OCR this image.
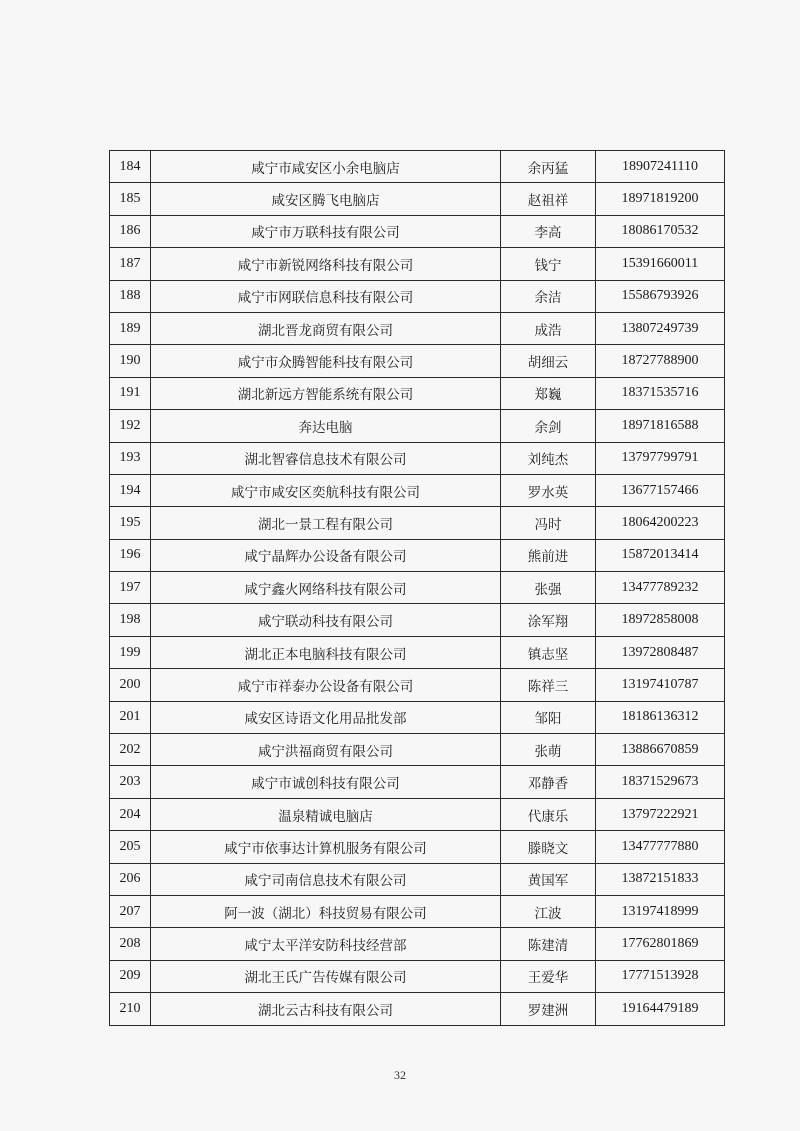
184	咸宁市咸安区小余电脑店	余丙猛	18907241110
185	咸安区腾飞电脑店	赵祖祥	18971819200
186	咸宁市万联科技有限公司	李高	18086170532
187	咸宁市新锐网络科技有限公司	钱宁	15391660011
188	咸宁市网联信息科技有限公司	余洁	15586793926
189	湖北晋龙商贸有限公司	成浩	13807249739
190	咸宁市众腾智能科技有限公司	胡细云	18727788900
191	湖北新远方智能系统有限公司	郑巍	18371535716
192	奔达电脑	余剑	18971816588
193	湖北智睿信息技术有限公司	刘纯杰	13797799791
194	咸宁市咸安区奕航科技有限公司	罗水英	13677157466
195	湖北一景工程有限公司	冯时	18064200223
196	咸宁晶辉办公设备有限公司	熊前进	15872013414
197	咸宁鑫火网络科技有限公司	张强	13477789232
198	咸宁联动科技有限公司	涂军翔	18972858008
199	湖北正本电脑科技有限公司	镇志坚	13972808487
200	咸宁市祥泰办公设备有限公司	陈祥三	13197410787
201	咸安区诗语文化用品批发部	邹阳	18186136312
202	咸宁洪福商贸有限公司	张萌	13886670859
203	咸宁市诚创科技有限公司	邓静香	18371529673
204	温泉精诚电脑店	代康乐	13797222921
205	咸宁市依事达计算机服务有限公司	滕晓文	13477777880
206	咸宁司南信息技术有限公司	黄国军	13872151833
207	阿一波（湖北）科技贸易有限公司	江波	13197418999
208	咸宁太平洋安防科技经营部	陈建清	17762801869
209	湖北王氏广告传媒有限公司	王爱华	17771513928
210	湖北云古科技有限公司	罗建洲	19164479189
32
